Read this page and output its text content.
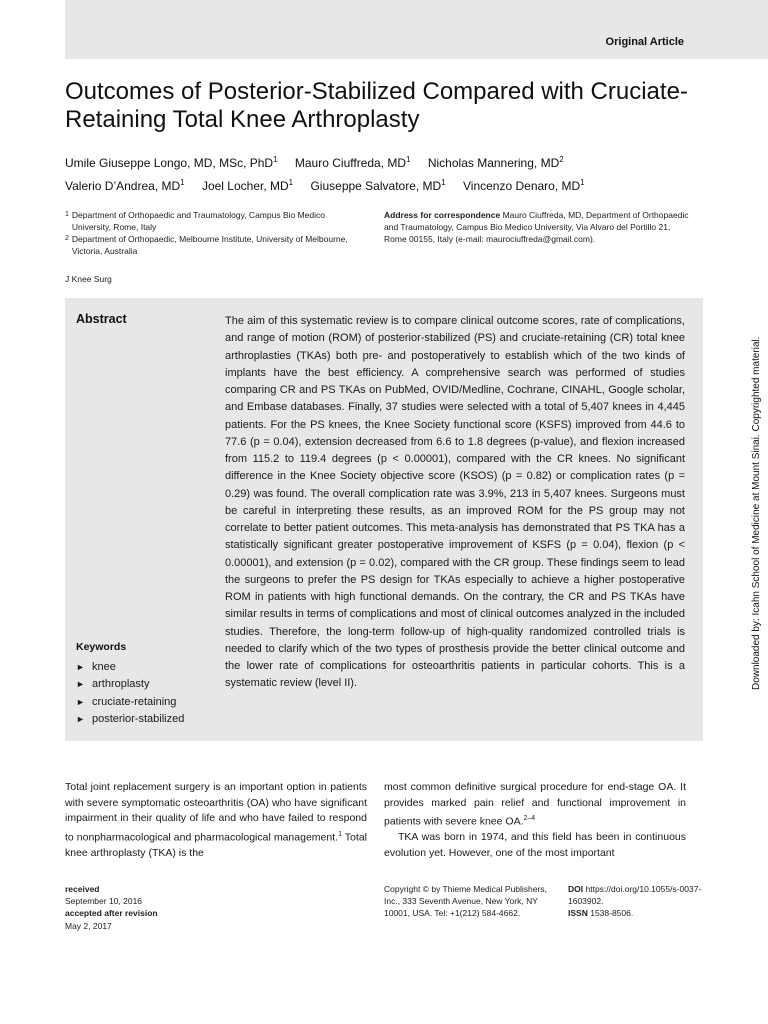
Original Article
Outcomes of Posterior-Stabilized Compared with Cruciate-Retaining Total Knee Arthroplasty
Umile Giuseppe Longo, MD, MSc, PhD$^1$ Mauro Ciuffreda, $MD^1$ Nicholas Mannering, $MD^2$
Valerio D’Andrea, $MD^1$ Joel Locher, $MD^1$ Giuseppe Salvatore, $MD^1$ Vincenzo Denaro, $MD^1$
1 Department of Orthopaedic and Traumatology, Campus Bio Medico University, Rome, Italy
2 Department of Orthopaedic, Melbourne Institute, University of Melbourne, Victoria, Australia
Address for correspondence Mauro Ciuffreda, MD, Department of Orthopaedic and Traumatology, Campus Bio Medico University, Via Alvaro del Portillo 21, Rome 00155, Italy (e-mail: maurociuffreda@gmail.com).
J Knee Surg
Abstract	The aim of this systematic review is to compare clinical outcome scores, rate of complications, and range of motion (ROM) of posterior-stabilized (PS) and cruciate-retaining (CR) total knee arthroplasties (TKAs) both pre- and postoperatively to establish which of the two kinds of implants have the best efficiency. A comprehensive search was performed of studies comparing CR and PS TKAs on PubMed, OVID/Medline, Cochrane, CINAHL, Google scholar, and Embase databases. Finally, 37 studies were selected with a total of 5,407 knees in 4,445 patients. For the PS knees, the Knee Society functional score (KSFS) improved from 44.6 to 77.6 (p = 0.04), extension decreased from 6.6 to 1.8 degrees (p-value), and flexion increased from 115.2 to 119.4 degrees (p < 0.00001), compared with the CR knees. No significant difference in the Knee Society objective score (KSOS) (p = 0.82) or complication rates (p = 0.29) was found. The overall complication rate was 3.9%, 213 in 5,407 knees. Surgeons must be careful in interpreting these results, as an improved ROM for the PS group may not correlate to better patient outcomes. This meta-analysis has demonstrated that PS TKA has a statistically significant greater postoperative improvement of KSFS (p = 0.04), flexion (p < 0.00001), and extension (p = 0.02), compared with the CR group. These findings seem to lead the surgeons to prefer the PS design for TKAs especially to achieve a higher postoperative ROM in patients with high functional demands. On the contrary, the CR and PS TKAs have similar results in terms of complications and most of clinical outcomes analyzed in the included studies. Therefore, the long-term follow-up of high-quality randomized controlled trials is needed to clarify which of the two types of prosthesis provide the better clinical outcome and the lower rate of complications for osteoarthritis patients in particular cohorts. This is a systematic review (level II).
Keywords
► knee
► arthroplasty
► cruciate-retaining
► posterior-stabilized
Downloaded by: Icahn School of Medicine at Mount Sinai. Copyrighted material.

Total joint replacement surgery is an important option in patients with severe symptomatic osteoarthritis (OA) who have significant impairment in their quality of life and who have failed to respond to nonpharmacological and pharmacological management.$^1$ Total knee arthroplasty (TKA) is the

most common definitive surgical procedure for end-stage OA. It provides marked pain relief and functional improvement in patients with severe knee OA.$^{2-4}$

TKA was born in 1974, and this field has been in continuous evolution yet. However, one of the most important

received
September 10, 2016
accepted after revision
May 2, 2017
Copyright © by Thieme Medical Publishers, Inc., 333 Seventh Avenue, New York, NY 10001, USA. Tel: +1(212) 584-4662.
DOI https://doi.org/10.1055/s-0037-1603902.
ISSN 1538-8506.
